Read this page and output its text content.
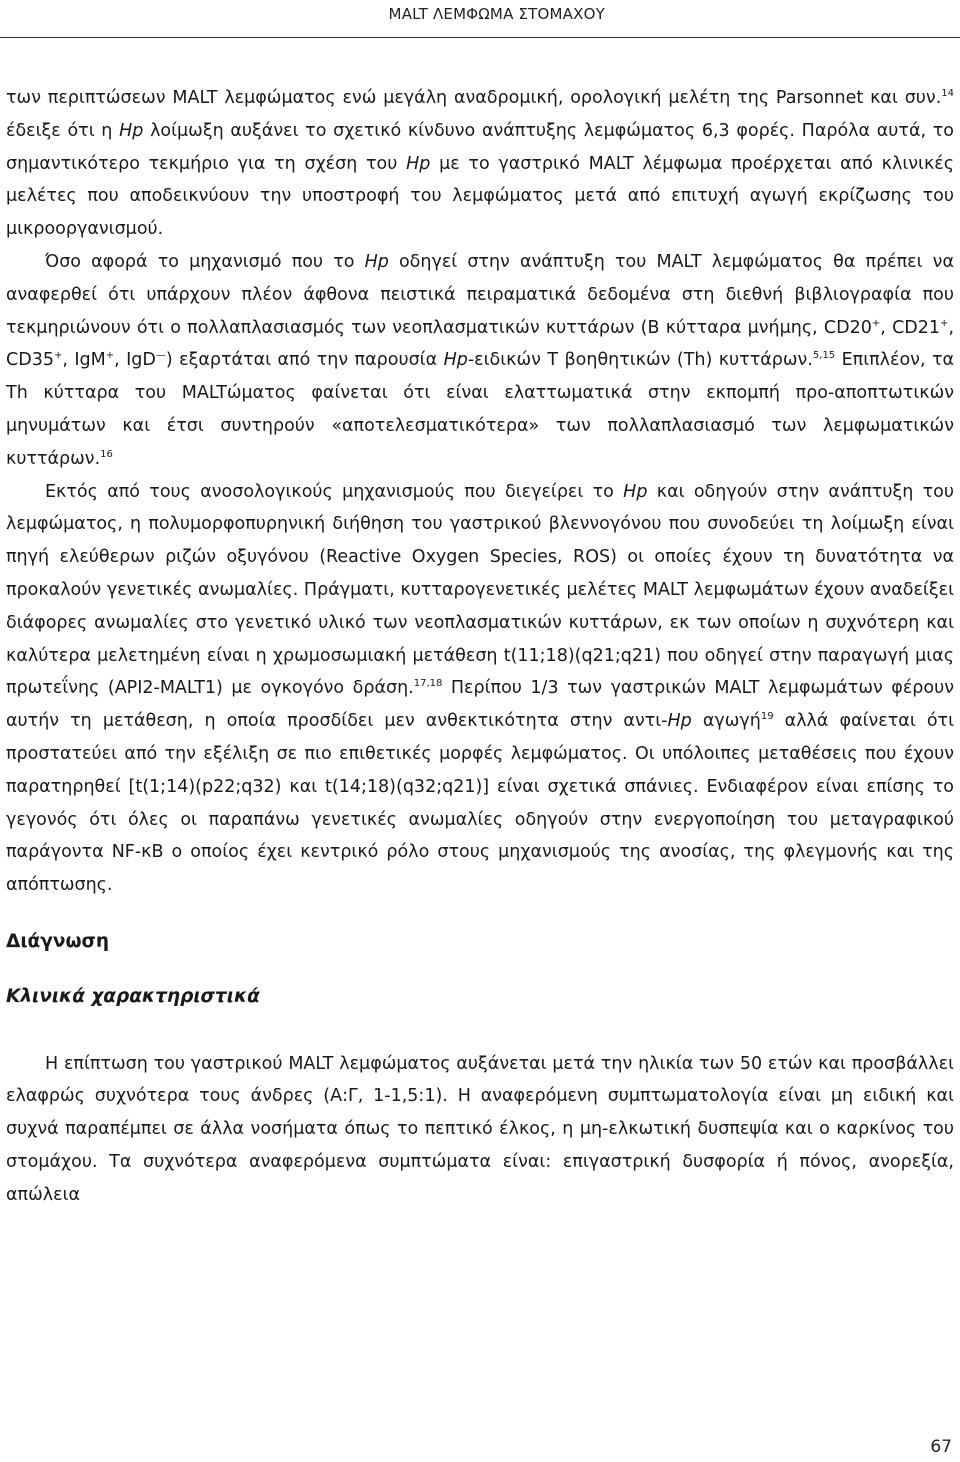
MALT ΛΕΜΦΩΜΑ ΣΤΟΜΑΧΟΥ

των περιπτώσεων MALT λεμφώματος ενώ μεγάλη αναδρομική, ορολογική μελέτη της Parsonnet και συν.$^{14}$ έδειξε ότι η Hp λοίμωξη αυξάνει το σχετικό κίνδυνο ανάπτυξης λεμφώματος 6,3 φορές. Παρόλα αυτά, το σημαντικότερο τεκμήριο για τη σχέση του Hp με το γαστρικό MALT λέμφωμα προέρχεται από κλινικές μελέτες που αποδεικνύουν την υποστροφή του λεμφώματος μετά από επιτυχή αγωγή εκρίζωσης του μικροοργανισμού.

Όσο αφορά το μηχανισμό που το Hp οδηγεί στην ανάπτυξη του MALT λεμφώματος θα πρέπει να αναφερθεί ότι υπάρχουν πλέον άφθονα πειστικά πειραματικά δεδομένα στη διεθνή βιβλιογραφία που τεκμηριώνουν ότι ο πολλαπλασιασμός των νεοπλασματικών κυττάρων (B κύτταρα μνήμης, CD20+, CD21+, CD35+, IgM+, IgD—) εξαρτάται από την παρουσία Hp-ειδικών T βοηθητικών (Th) κυττάρων.$^{5,15}$ Επιπλέον, τα Th κύτταρα του MALTώματος φαίνεται ότι είναι ελαττωματικά στην εκπομπή προ-αποπτωτικών μηνυμάτων και έτσι συντηρούν «αποτελεσματικότερα» των πολλαπλασιασμό των λεμφωματικών κυττάρων.$^{16}$

Εκτός από τους ανοσολογικούς μηχανισμούς που διεγείρει το Hp και οδηγούν στην ανάπτυξη του λεμφώματος, η πολυμορφοπυρηνική διήθηση του γαστρικού βλεννογόνου που συνοδεύει τη λοίμωξη είναι πηγή ελεύθερων ριζών οξυγόνου (Reactive Oxygen Species, ROS) οι οποίες έχουν τη δυνατότητα να προκαλούν γενετικές ανωμαλίες. Πράγματι, κυτταρογενετικές μελέτες MALT λεμφωμάτων έχουν αναδείξει διάφορες ανωμαλίες στο γενετικό υλικό των νεοπλασματικών κυττάρων, εκ των οποίων η συχνότερη και καλύτερα μελετημένη είναι η χρωμοσωμιακή μετάθεση t(11;18)(q21;q21) που οδηγεί στην παραγωγή μιας πρωτεΐνης (API2-MALT1) με ογκογόνο δράση.$^{17,18}$ Περίπου 1/3 των γαστρικών MALT λεμφωμάτων φέρουν αυτήν τη μετάθεση, η οποία προσδίδει μεν ανθεκτικότητα στην αντι-Hp αγωγή$^{19}$ αλλά φαίνεται ότι προστατεύει από την εξέλιξη σε πιο επιθετικές μορφές λεμφώματος. Οι υπόλοιπες μεταθέσεις που έχουν παρατηρηθεί [t(1;14)(p22;q32) και t(14;18)(q32;q21)] είναι σχετικά σπάνιες. Ενδιαφέρον είναι επίσης το γεγονός ότι όλες οι παραπάνω γενετικές ανωμαλίες οδηγούν στην ενεργοποίηση του μεταγραφικού παράγοντα NF-κB ο οποίος έχει κεντρικό ρόλο στους μηχανισμούς της ανοσίας, της φλεγμονής και της απόπτωσης.

Διάγνωση

Κλινικά χαρακτηριστικά

Η επίπτωση του γαστρικού MALT λεμφώματος αυξάνεται μετά την ηλικία των 50 ετών και προσβάλλει ελαφρώς συχνότερα τους άνδρες (Α:Γ, 1-1,5:1). Η αναφερόμενη συμπτωματολογία είναι μη ειδική και συχνά παραπέμπει σε άλλα νοσήματα όπως το πεπτικό έλκος, η μη-ελκωτική δυσπεψία και ο καρκίνος του στομάχου. Τα συχνότερα αναφερόμενα συμπτώματα είναι: επιγαστρική δυσφορία ή πόνος, ανορεξία, απώλεια

67
